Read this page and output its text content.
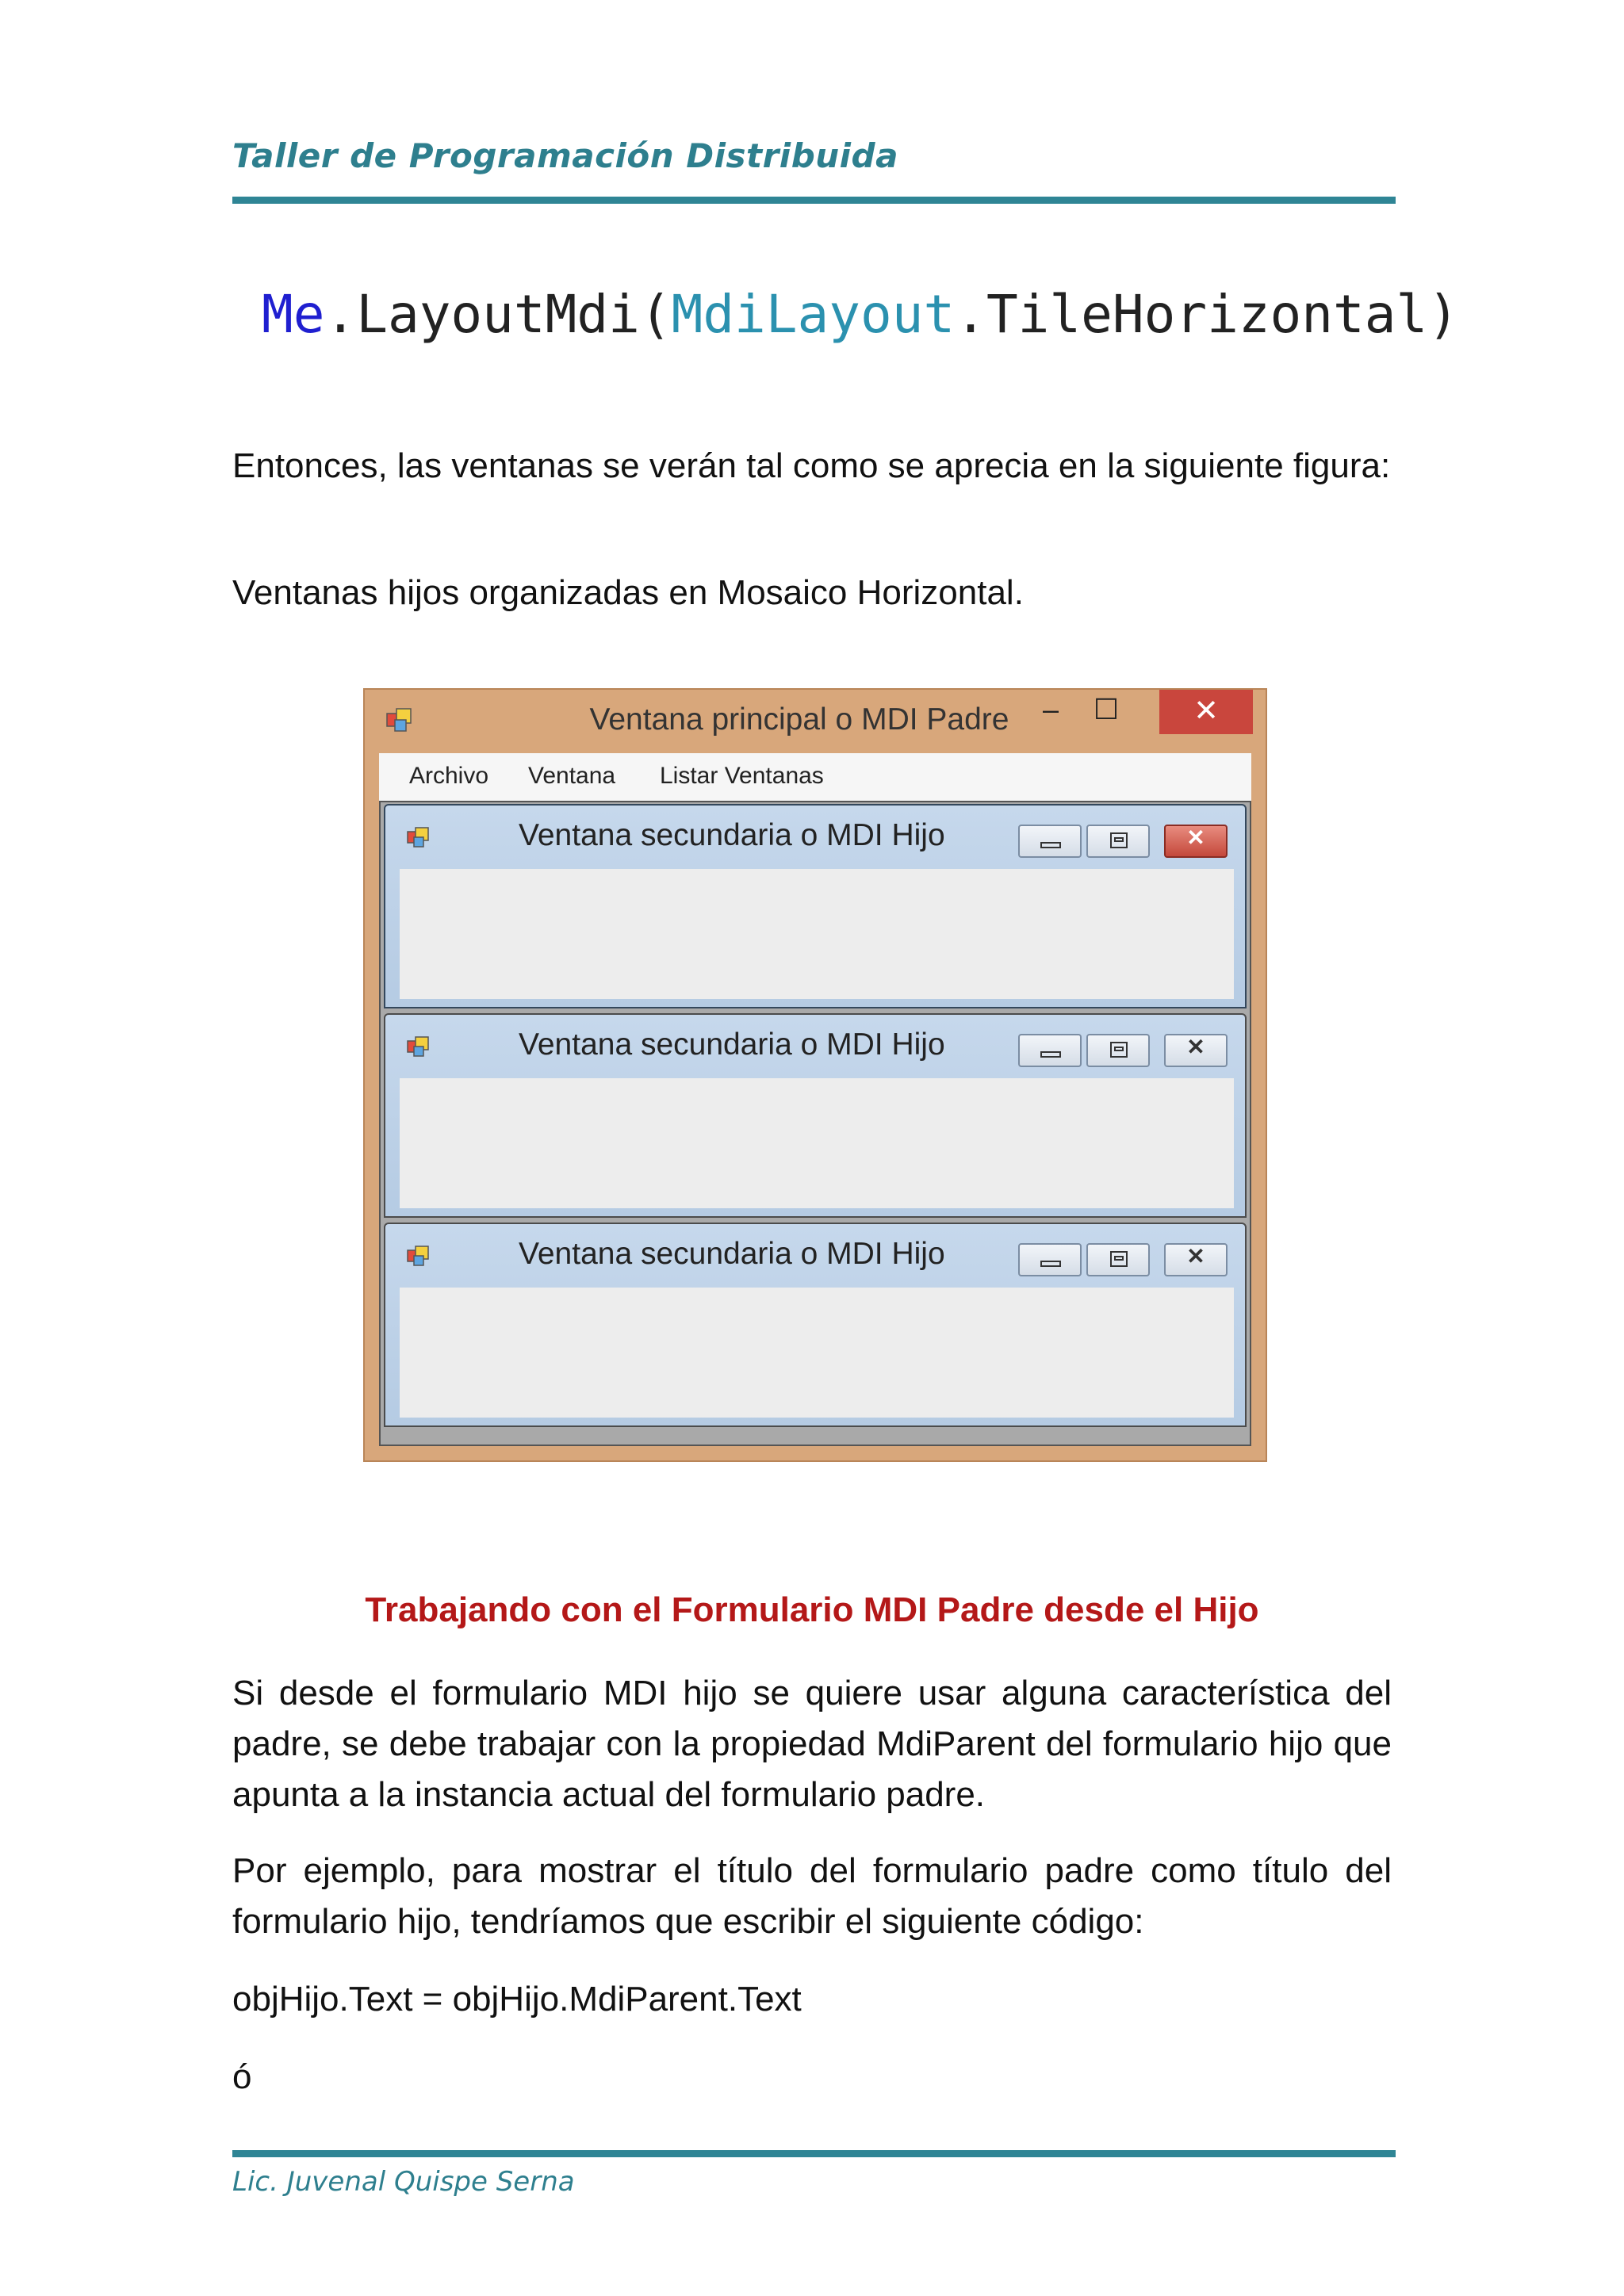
Taller de Programación Distribuida
Me.LayoutMdi(MdiLayout.TileHorizontal)
Entonces, las ventanas se verán tal como se aprecia en la siguiente figura:
Ventanas hijos organizadas en Mosaico Horizontal.
Ventana principal o MDI Padre	–	☐	✕
Archivo Ventana Listar Ventanas
Ventana secundaria o MDI Hijo	✕
Ventana secundaria o MDI Hijo	✕
Ventana secundaria o MDI Hijo	✕
Trabajando con el Formulario MDI Padre desde el Hijo
Si desde el formulario MDI hijo se quiere usar alguna característica del padre, se debe trabajar con la propiedad MdiParent del formulario hijo que apunta a la instancia actual del formulario padre.
Por ejemplo, para mostrar el título del formulario padre como título del formulario hijo, tendríamos que escribir el siguiente código:
objHijo.Text = objHijo.MdiParent.Text
ó
Lic. Juvenal Quispe Serna
